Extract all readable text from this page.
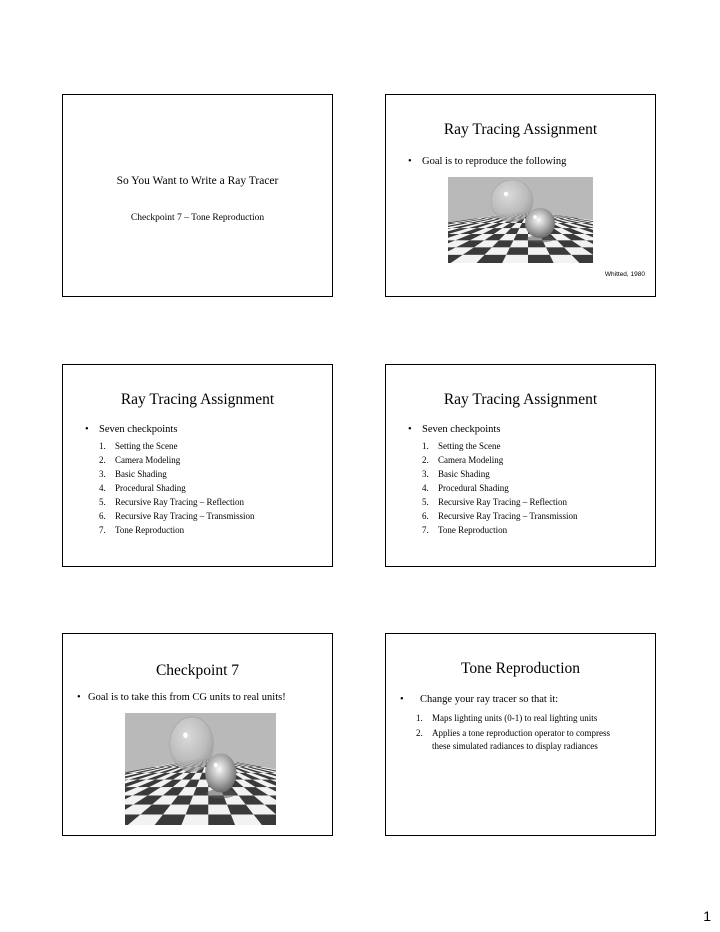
So You Want to Write a Ray Tracer
Checkpoint 7 – Tone Reproduction
Ray Tracing Assignment
• Goal is to reproduce the following
Whitted, 1980
Ray Tracing Assignment
• Seven checkpoints
1. Setting the Scene
2. Camera Modeling
3. Basic Shading
4. Procedural Shading
5. Recursive Ray Tracing – Reflection
6. Recursive Ray Tracing – Transmission
7. Tone Reproduction
Ray Tracing Assignment
• Seven checkpoints
1. Setting the Scene
2. Camera Modeling
3. Basic Shading
4. Procedural Shading
5. Recursive Ray Tracing – Reflection
6. Recursive Ray Tracing – Transmission
7. Tone Reproduction
Checkpoint 7
• Goal is to take this from CG units to real units!
Tone Reproduction
• Change your ray tracer so that it:
1. Maps lighting units (0-1) to real lighting units
2. Applies a tone reproduction operator to compress
these simulated radiances to display radiances
1
